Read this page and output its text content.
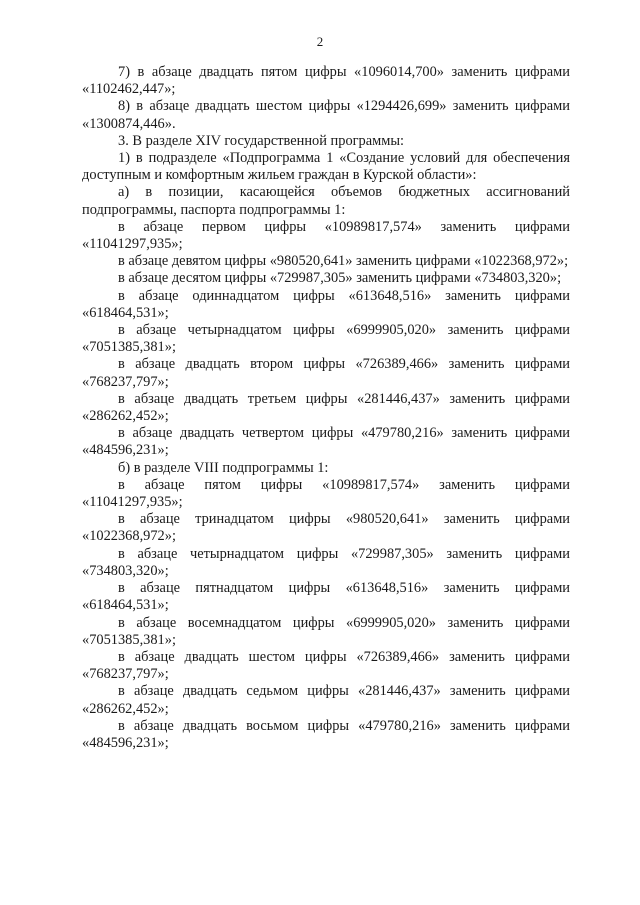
2

7) в абзаце двадцать пятом цифры «1096014,700» заменить цифрами «1102462,447»;

8) в абзаце двадцать шестом цифры «1294426,699» заменить цифрами «1300874,446».

3. В разделе XIV государственной программы:

1) в подразделе «Подпрограмма 1 «Создание условий для обеспечения доступным и комфортным жильем граждан в Курской области»:

а) в позиции, касающейся объемов бюджетных ассигнований подпрограммы, паспорта подпрограммы 1:

в абзаце первом цифры «10989817,574» заменить цифрами «11041297,935»;

в абзаце девятом цифры «980520,641» заменить цифрами «1022368,972»;

в абзаце десятом цифры «729987,305» заменить цифрами «734803,320»;

в абзаце одиннадцатом цифры «613648,516» заменить цифрами «618464,531»;

в абзаце четырнадцатом цифры «6999905,020» заменить цифрами «7051385,381»;

в абзаце двадцать втором цифры «726389,466» заменить цифрами «768237,797»;

в абзаце двадцать третьем цифры «281446,437» заменить цифрами «286262,452»;

в абзаце двадцать четвертом цифры «479780,216» заменить цифрами «484596,231»;

б) в разделе VIII подпрограммы 1:

в абзаце пятом цифры «10989817,574» заменить цифрами «11041297,935»;

в абзаце тринадцатом цифры «980520,641» заменить цифрами «1022368,972»;

в абзаце четырнадцатом цифры «729987,305» заменить цифрами «734803,320»;

в абзаце пятнадцатом цифры «613648,516» заменить цифрами «618464,531»;

в абзаце восемнадцатом цифры «6999905,020» заменить цифрами «7051385,381»;

в абзаце двадцать шестом цифры «726389,466» заменить цифрами «768237,797»;

в абзаце двадцать седьмом цифры «281446,437» заменить цифрами «286262,452»;

в абзаце двадцать восьмом цифры «479780,216» заменить цифрами «484596,231»;
